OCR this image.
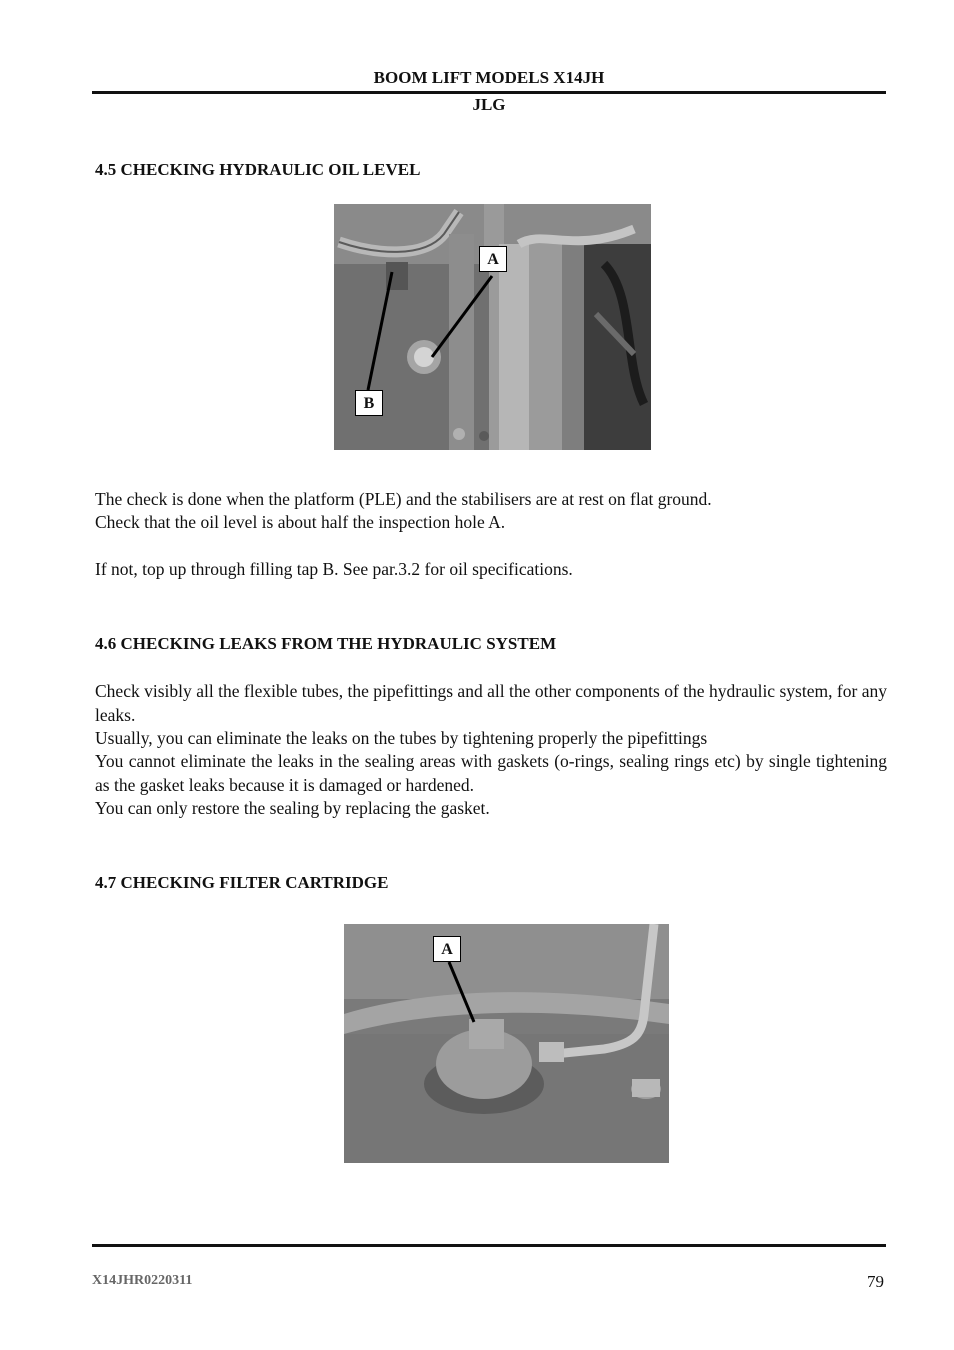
BOOM LIFT MODELS X14JH
JLG
4.5 CHECKING HYDRAULIC OIL LEVEL
A
B
The check is done when the platform (PLE) and the stabilisers are at rest on flat ground.
Check that the oil level is about half the inspection hole A.
If not, top up through filling tap B. See par.3.2 for oil specifications.
4.6 CHECKING LEAKS FROM THE HYDRAULIC SYSTEM
Check visibly all the flexible tubes, the pipefittings and all the other components of the hydraulic system, for any leaks.
Usually, you can eliminate the leaks on the tubes by tightening properly the pipefittings
You cannot eliminate the leaks in the sealing areas with gaskets (o-rings, sealing rings etc) by single tightening as the gasket leaks because it is damaged or hardened.
You can only restore the sealing by replacing the gasket.
4.7 CHECKING FILTER CARTRIDGE
A
X14JHR0220311	79
